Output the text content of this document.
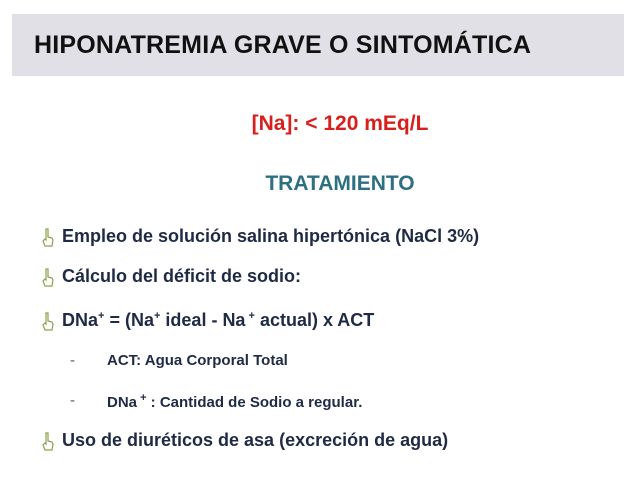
HIPONATREMIA GRAVE O SINTOMÁTICA
[Na]: < 120 mEq/L
TRATAMIENTO
Empleo de solución salina hipertónica (NaCl 3%)
Cálculo del déficit de sodio:
DNa+ = (Na+ ideal - Na + actual) x ACT
- ACT: Agua Corporal Total
- DNa + : Cantidad de Sodio a regular.
Uso de diuréticos de asa (excreción de agua)
